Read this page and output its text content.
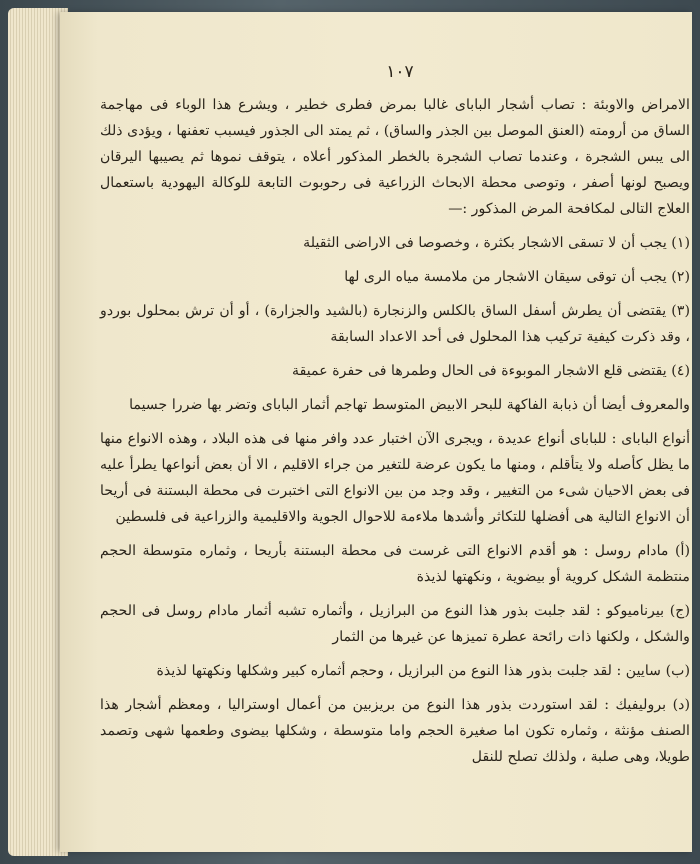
١٠٧

الامراض والاوبئة : تصاب أشجار الباباى غالبا بمرض فطرى خطير ، ويشرع هذا الوباء فى مهاجمة الساق من أرومته (العنق الموصل بين الجذر والساق) ، ثم يمتد الى الجذور فيسبب تعفنها ، ويؤدى ذلك الى يبس الشجرة ، وعندما تصاب الشجرة بالخطر المذكور أعلاه ، يتوقف نموها ثم يصيبها اليرقان ويصبح لونها أصفر ، وتوصى محطة الابحاث الزراعية فى رحوبوت التابعة للوكالة اليهودية باستعمال العلاج التالى لمكافحة المرض المذكور :—

(١) يجب أن لا تسقى الاشجار بكثرة ، وخصوصا فى الاراضى الثقيلة

(٢) يجب أن توقى سيقان الاشجار من ملامسة مياه الرى لها

(٣) يقتضى أن يطرش أسفل الساق بالكلس والزنجارة (بالشيد والجزارة) ، أو أن ترش بمحلول بوردو ، وقد ذكرت كيفية تركيب هذا المحلول فى أحد الاعداد السابقة

(٤) يقتضى قلع الاشجار الموبوءة فى الحال وطمرها فى حفرة عميقة

والمعروف أيضا أن ذبابة الفاكهة للبحر الابيض المتوسط تهاجم أثمار الباباى وتضر بها ضررا جسيما

أنواع الباباى : للباباى أنواع عديدة ، ويجرى الآن اختبار عدد وافر منها فى هذه البلاد ، وهذه الانواع منها ما يظل كأصله ولا يتأقلم ، ومنها ما يكون عرضة للتغير من جراء الاقليم ، الا أن بعض أنواعها يطرأ عليه فى بعض الاحيان شىء من التغيير ، وقد وجد من بين الانواع التى اختبرت فى محطة البستنة فى أريحا أن الانواع التالية هى أفضلها للتكاثر وأشدها ملاءمة للاحوال الجوية والاقليمية والزراعية فى فلسطين

(أ) مادام روسل : هو أقدم الانواع التى غرست فى محطة البستنة بأريحا ، وثماره متوسطة الحجم منتظمة الشكل كروية أو بيضوية ، ونكهتها لذيذة

(ج) بيرناميوكو : لقد جلبت بذور هذا النوع من البرازيل ، وأثماره تشبه أثمار مادام روسل فى الحجم والشكل ، ولكنها ذات رائحة عطرة تميزها عن غيرها من الثمار

(ب) سايين : لقد جلبت بذور هذا النوع من البرازيل ، وحجم أثماره كبير وشكلها ونكهتها لذيذة

(د) بروليفيك : لقد استوردت بذور هذا النوع من بريزبين من أعمال اوستراليا ، ومعظم أشجار هذا الصنف مؤنثة ، وثماره تكون اما صغيرة الحجم واما متوسطة ، وشكلها بيضوى وطعمها شهى وتصمد طويلا، وهى صلبة ، ولذلك تصلح للنقل
